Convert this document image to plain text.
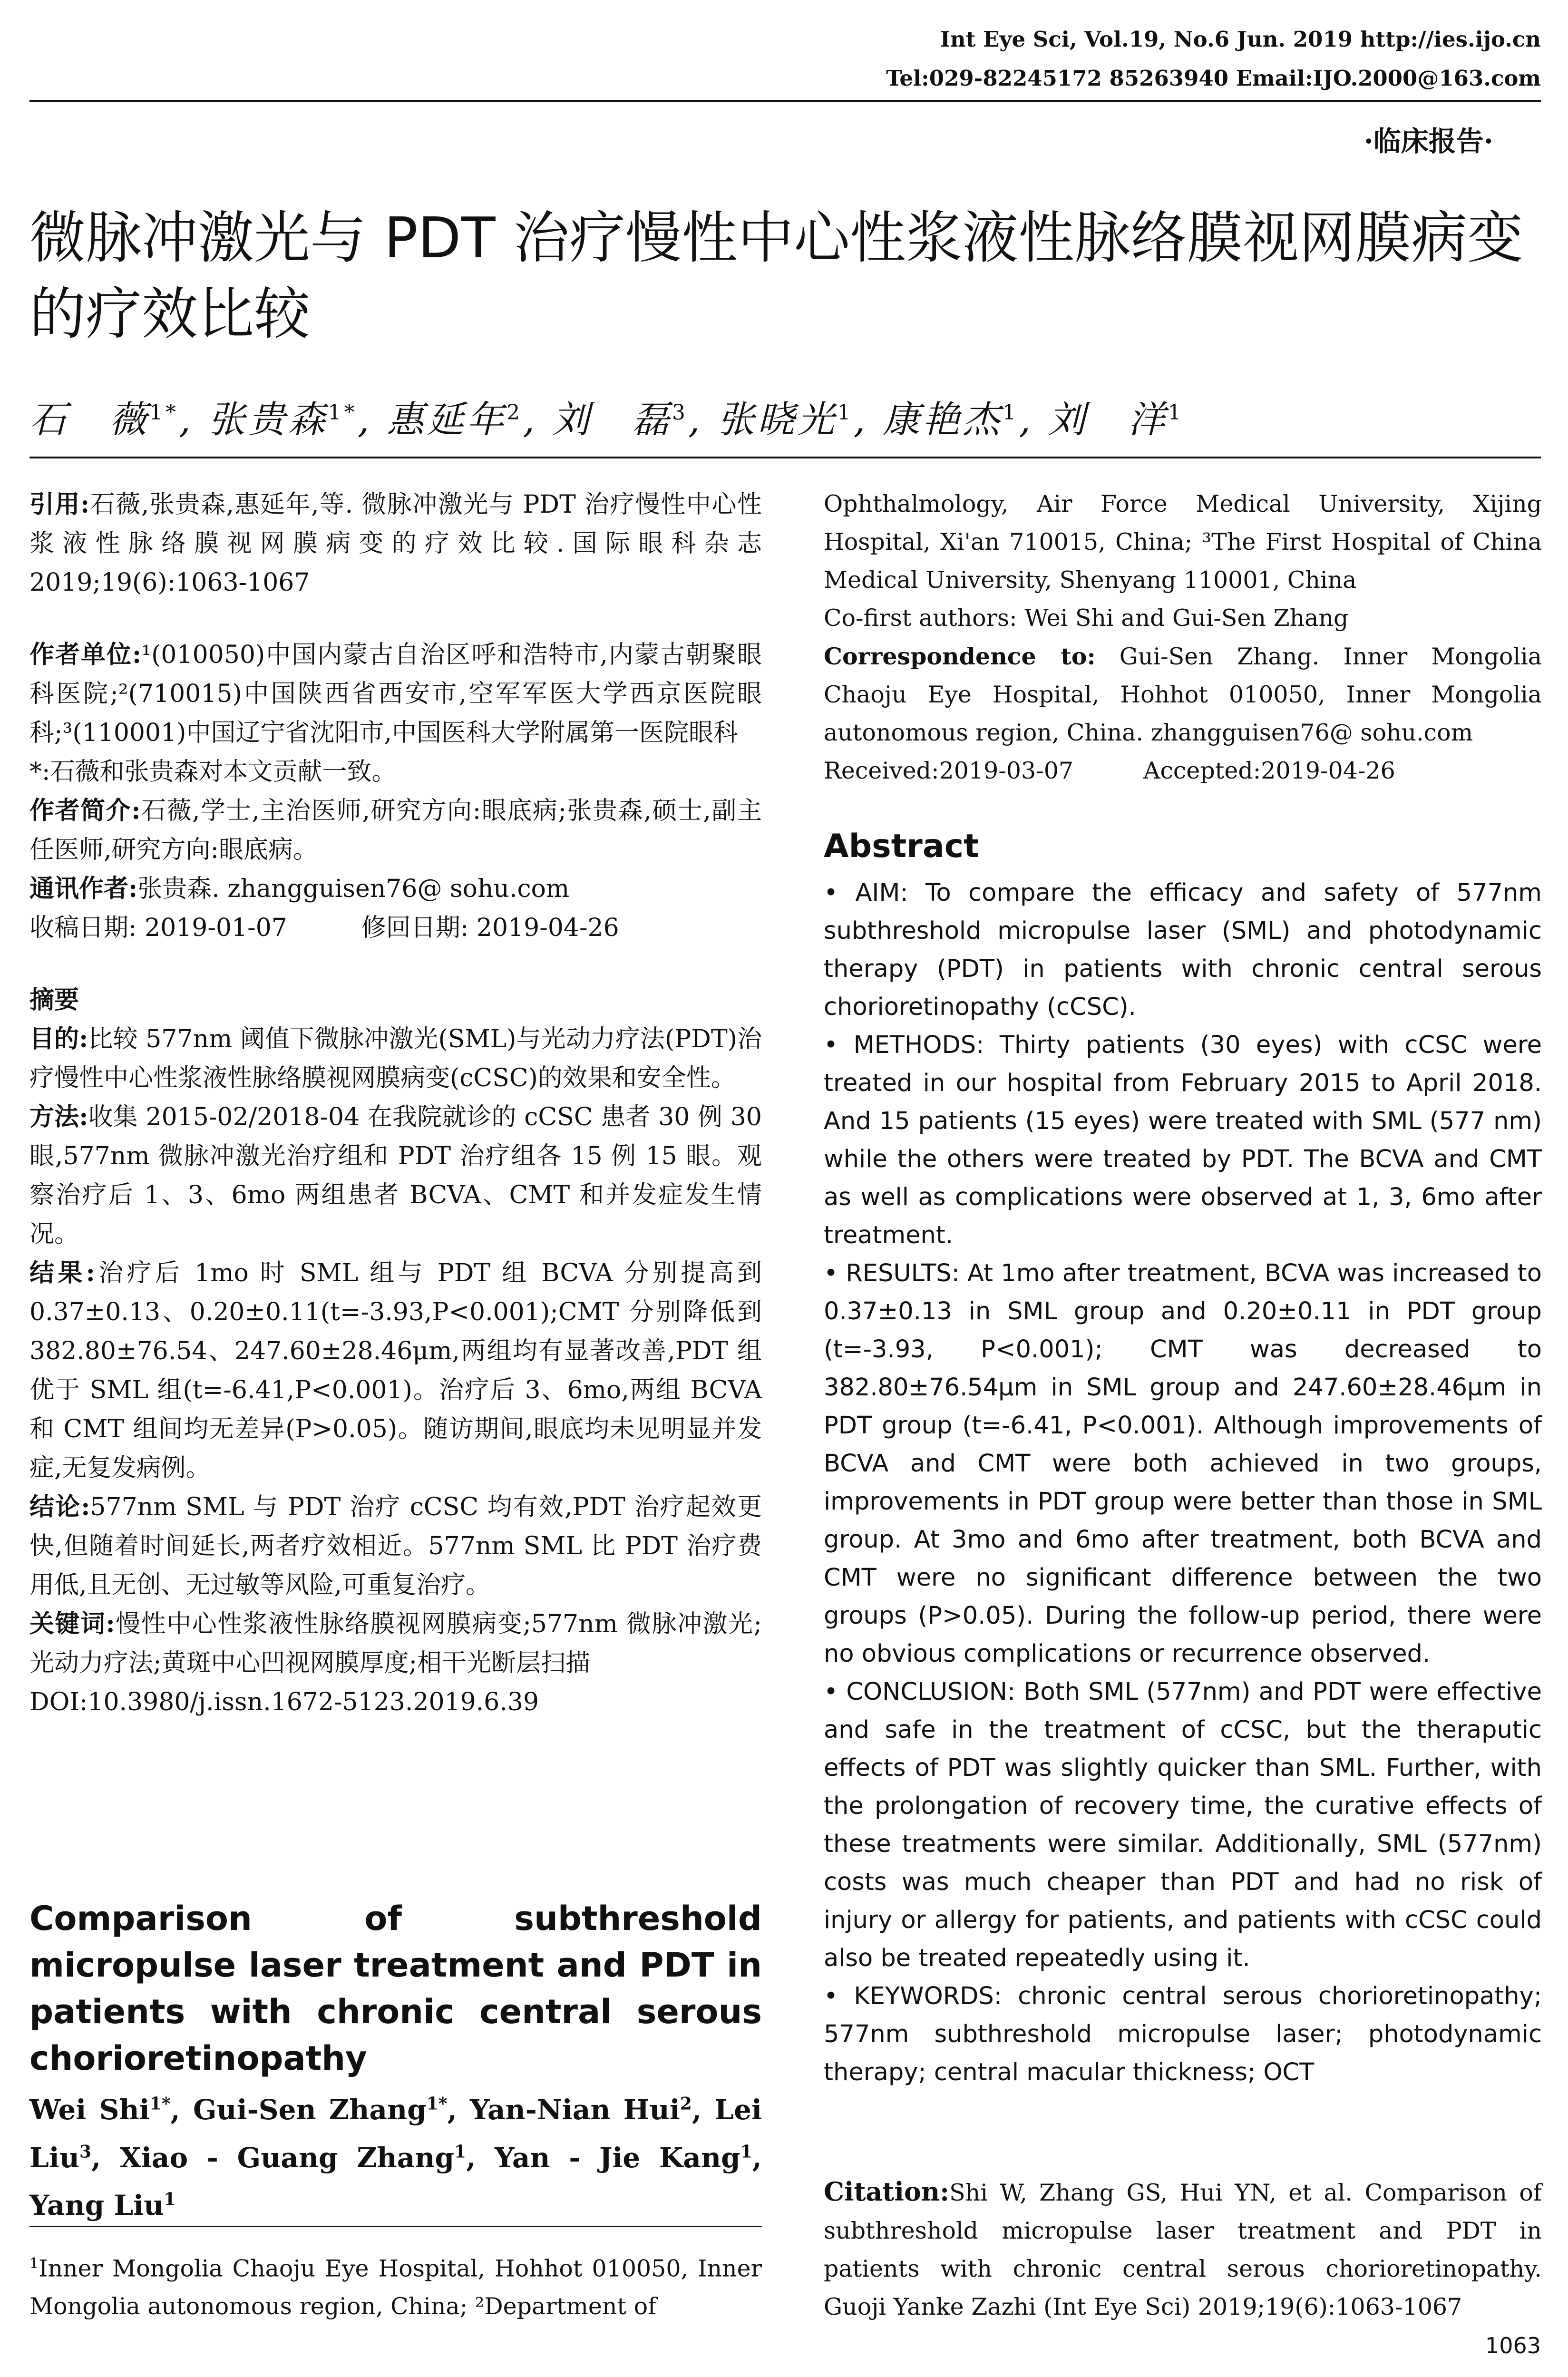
Int Eye Sci, Vol.19, No.6 Jun. 2019 http://ies.ijo.cn
Tel:029-82245172 85263940 Email:IJO.2000@163.com
·临床报告·
微脉冲激光与 PDT 治疗慢性中心性浆液性脉络膜视网膜病变的疗效比较
石　薇$^{1*}$, 张贵森$^{1*}$, 惠延年$^2$, 刘　磊$^3$, 张晓光$^1$, 康艳杰$^1$, 刘　洋$^1$

引用:石薇,张贵森,惠延年,等. 微脉冲激光与 PDT 治疗慢性中心性浆液性脉络膜视网膜病变的疗效比较.国际眼科杂志 2019;19(6):1063-1067

作者单位:¹(010050)中国内蒙古自治区呼和浩特市,内蒙古朝聚眼科医院;²(710015)中国陕西省西安市,空军军医大学西京医院眼科;³(110001)中国辽宁省沈阳市,中国医科大学附属第一医院眼科

*:石薇和张贵森对本文贡献一致。

作者简介:石薇,学士,主治医师,研究方向:眼底病;张贵森,硕士,副主任医师,研究方向:眼底病。

通讯作者:张贵森. zhangguisen76@ sohu.com

收稿日期: 2019-01-07　　　修回日期: 2019-04-26

摘要

目的:比较 577nm 阈值下微脉冲激光(SML)与光动力疗法(PDT)治疗慢性中心性浆液性脉络膜视网膜病变(cCSC)的效果和安全性。

方法:收集 2015-02/2018-04 在我院就诊的 cCSC 患者 30 例 30 眼,577nm 微脉冲激光治疗组和 PDT 治疗组各 15 例 15 眼。观察治疗后 1、3、6mo 两组患者 BCVA、CMT 和并发症发生情况。

结果:治疗后 1mo 时 SML 组与 PDT 组 BCVA 分别提高到 0.37±0.13、0.20±0.11(t=-3.93,P<0.001);CMT 分别降低到 382.80±76.54、247.60±28.46μm,两组均有显著改善,PDT 组优于 SML 组(t=-6.41,P<0.001)。治疗后 3、6mo,两组 BCVA 和 CMT 组间均无差异(P>0.05)。随访期间,眼底均未见明显并发症,无复发病例。

结论:577nm SML 与 PDT 治疗 cCSC 均有效,PDT 治疗起效更快,但随着时间延长,两者疗效相近。577nm SML 比 PDT 治疗费用低,且无创、无过敏等风险,可重复治疗。

关键词:慢性中心性浆液性脉络膜视网膜病变;577nm 微脉冲激光;光动力疗法;黄斑中心凹视网膜厚度;相干光断层扫描

DOI:10.3980/j.issn.1672-5123.2019.6.39

Comparison of subthreshold micropulse laser treatment and PDT in patients with chronic central serous chorioretinopathy
Wei Shi$^{1*}$, Gui-Sen Zhang$^{1*}$, Yan-Nian Hui$^2$, Lei Liu$^3$, Xiao - Guang Zhang$^1$, Yan - Jie Kang$^1$, Yang Liu$^1$
$^1$Inner Mongolia Chaoju Eye Hospital, Hohhot 010050, Inner Mongolia autonomous region, China; ²Department of

Ophthalmology, Air Force Medical University, Xijing Hospital, Xi'an 710015, China; ³The First Hospital of China Medical University, Shenyang 110001, China

Co-first authors: Wei Shi and Gui-Sen Zhang

Correspondence to: Gui-Sen Zhang. Inner Mongolia Chaoju Eye Hospital, Hohhot 010050, Inner Mongolia autonomous region, China. zhangguisen76@ sohu.com

Received:2019-03-07　　　Accepted:2019-04-26

Abstract

• AIM: To compare the efficacy and safety of 577nm subthreshold micropulse laser (SML) and photodynamic therapy (PDT) in patients with chronic central serous chorioretinopathy (cCSC).

• METHODS: Thirty patients (30 eyes) with cCSC were treated in our hospital from February 2015 to April 2018. And 15 patients (15 eyes) were treated with SML (577 nm) while the others were treated by PDT. The BCVA and CMT as well as complications were observed at 1, 3, 6mo after treatment.

• RESULTS: At 1mo after treatment, BCVA was increased to 0.37±0.13 in SML group and 0.20±0.11 in PDT group (t=-3.93, P<0.001); CMT was decreased to 382.80±76.54μm in SML group and 247.60±28.46μm in PDT group (t=-6.41, P<0.001). Although improvements of BCVA and CMT were both achieved in two groups, improvements in PDT group were better than those in SML group. At 3mo and 6mo after treatment, both BCVA and CMT were no significant difference between the two groups (P>0.05). During the follow-up period, there were no obvious complications or recurrence observed.

• CONCLUSION: Both SML (577nm) and PDT were effective and safe in the treatment of cCSC, but the theraputic effects of PDT was slightly quicker than SML. Further, with the prolongation of recovery time, the curative effects of these treatments were similar. Additionally, SML (577nm) costs was much cheaper than PDT and had no risk of injury or allergy for patients, and patients with cCSC could also be treated repeatedly using it.

• KEYWORDS: chronic central serous chorioretinopathy; 577nm subthreshold micropulse laser; photodynamic therapy; central macular thickness; OCT

Citation:Shi W, Zhang GS, Hui YN, et al. Comparison of subthreshold micropulse laser treatment and PDT in patients with chronic central serous chorioretinopathy. Guoji Yanke Zazhi (Int Eye Sci) 2019;19(6):1063-1067
1063
